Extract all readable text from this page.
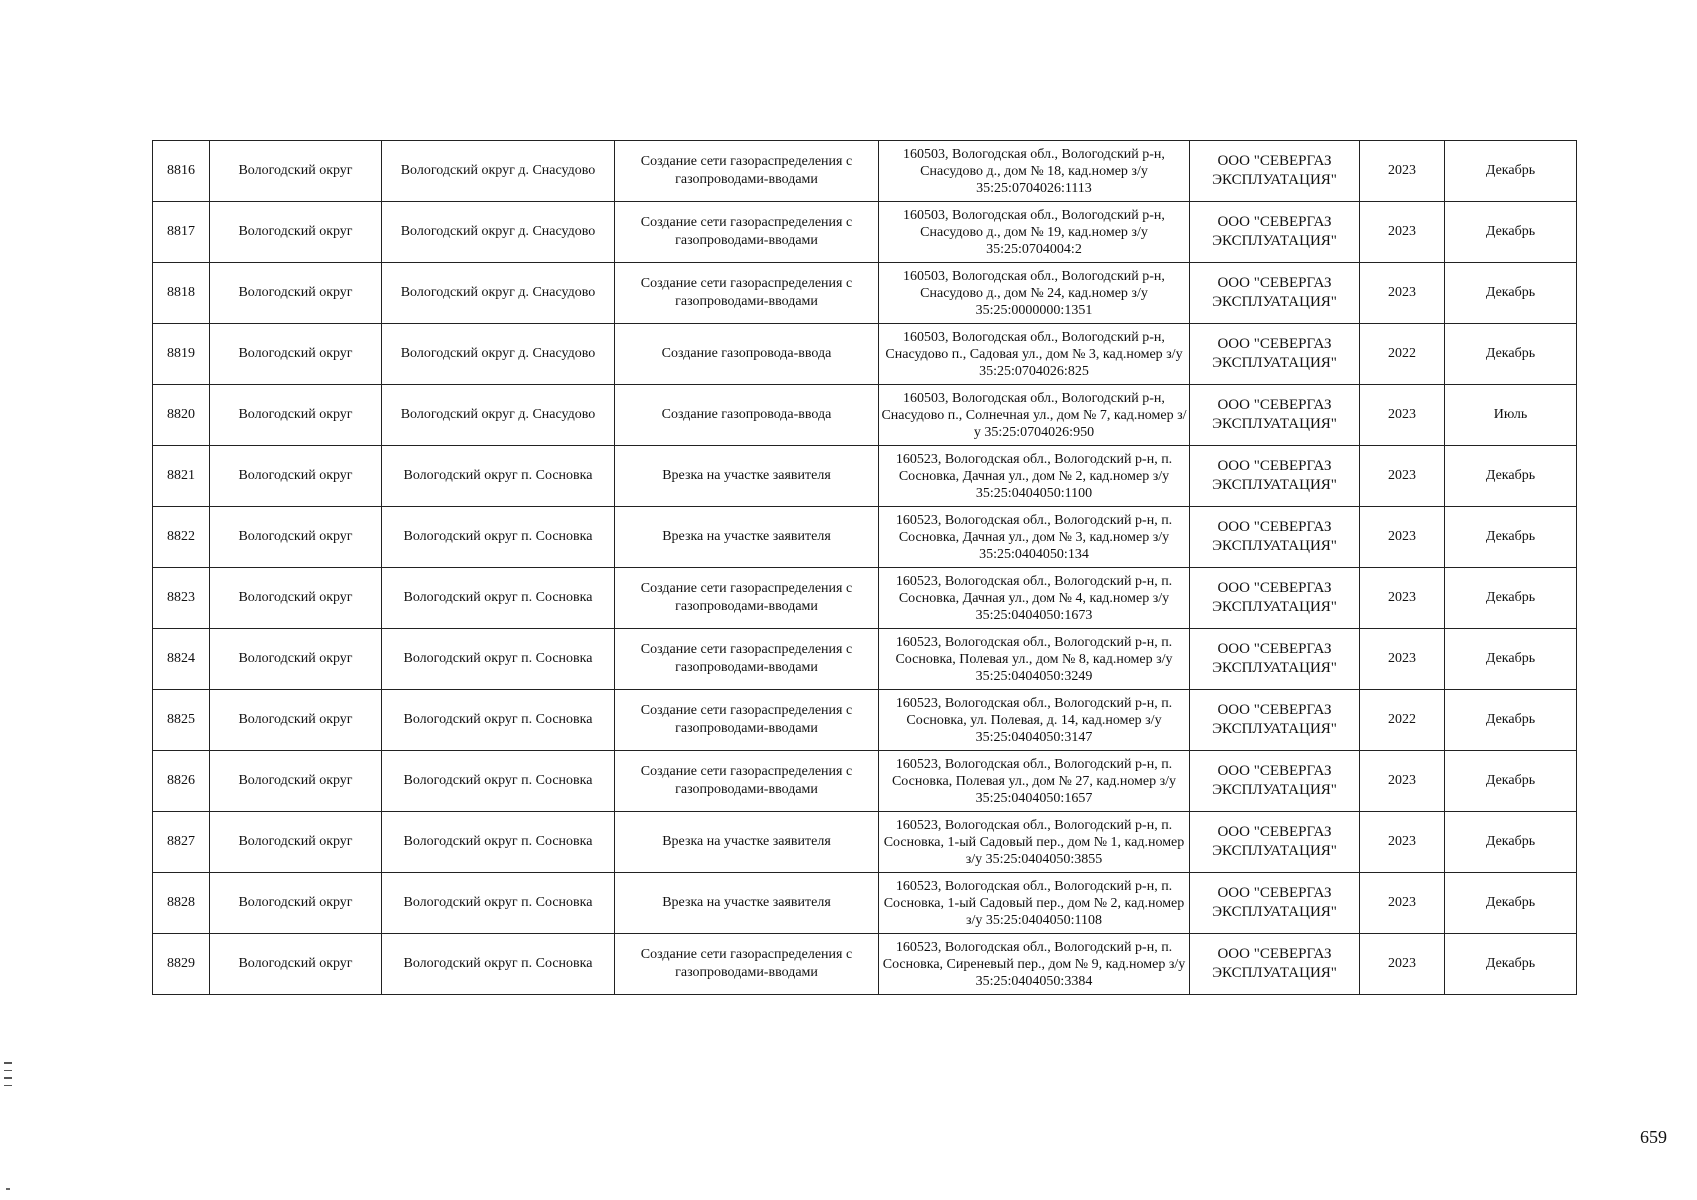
8816	Вологодский округ	Вологодский округ д. Снасудово	Создание сети газораспределения с газопроводами-вводами	160503, Вологодская обл., Вологодский р-н, Снасудово д., дом № 18, кад.номер з/у 35:25:0704026:1113	ООО "СЕВЕРГАЗ ЭКСПЛУАТАЦИЯ"	2023	Декабрь
8817	Вологодский округ	Вологодский округ д. Снасудово	Создание сети газораспределения с газопроводами-вводами	160503, Вологодская обл., Вологодский р-н, Снасудово д., дом № 19, кад.номер з/у 35:25:0704004:2	ООО "СЕВЕРГАЗ ЭКСПЛУАТАЦИЯ"	2023	Декабрь
8818	Вологодский округ	Вологодский округ д. Снасудово	Создание сети газораспределения с газопроводами-вводами	160503, Вологодская обл., Вологодский р-н, Снасудово д., дом № 24, кад.номер з/у 35:25:0000000:1351	ООО "СЕВЕРГАЗ ЭКСПЛУАТАЦИЯ"	2023	Декабрь
8819	Вологодский округ	Вологодский округ д. Снасудово	Создание газопровода-ввода	160503, Вологодская обл., Вологодский р-н, Снасудово п., Садовая ул., дом № 3, кад.номер з/у 35:25:0704026:825	ООО "СЕВЕРГАЗ ЭКСПЛУАТАЦИЯ"	2022	Декабрь
8820	Вологодский округ	Вологодский округ д. Снасудово	Создание газопровода-ввода	160503, Вологодская обл., Вологодский р-н, Снасудово п., Солнечная ул., дом № 7, кад.номер з/у 35:25:0704026:950	ООО "СЕВЕРГАЗ ЭКСПЛУАТАЦИЯ"	2023	Июль
8821	Вологодский округ	Вологодский округ п. Сосновка	Врезка на участке заявителя	160523, Вологодская обл., Вологодский р-н, п. Сосновка, Дачная ул., дом № 2, кад.номер з/у 35:25:0404050:1100	ООО "СЕВЕРГАЗ ЭКСПЛУАТАЦИЯ"	2023	Декабрь
8822	Вологодский округ	Вологодский округ п. Сосновка	Врезка на участке заявителя	160523, Вологодская обл., Вологодский р-н, п. Сосновка, Дачная ул., дом № 3, кад.номер з/у 35:25:0404050:134	ООО "СЕВЕРГАЗ ЭКСПЛУАТАЦИЯ"	2023	Декабрь
8823	Вологодский округ	Вологодский округ п. Сосновка	Создание сети газораспределения с газопроводами-вводами	160523, Вологодская обл., Вологодский р-н, п. Сосновка, Дачная ул., дом № 4, кад.номер з/у 35:25:0404050:1673	ООО "СЕВЕРГАЗ ЭКСПЛУАТАЦИЯ"	2023	Декабрь
8824	Вологодский округ	Вологодский округ п. Сосновка	Создание сети газораспределения с газопроводами-вводами	160523, Вологодская обл., Вологодский р-н, п. Сосновка, Полевая ул., дом № 8, кад.номер з/у 35:25:0404050:3249	ООО "СЕВЕРГАЗ ЭКСПЛУАТАЦИЯ"	2023	Декабрь
8825	Вологодский округ	Вологодский округ п. Сосновка	Создание сети газораспределения с газопроводами-вводами	160523, Вологодская обл., Вологодский р-н, п. Сосновка, ул. Полевая, д. 14, кад.номер з/у 35:25:0404050:3147	ООО "СЕВЕРГАЗ ЭКСПЛУАТАЦИЯ"	2022	Декабрь
8826	Вологодский округ	Вологодский округ п. Сосновка	Создание сети газораспределения с газопроводами-вводами	160523, Вологодская обл., Вологодский р-н, п. Сосновка, Полевая ул., дом № 27, кад.номер з/у 35:25:0404050:1657	ООО "СЕВЕРГАЗ ЭКСПЛУАТАЦИЯ"	2023	Декабрь
8827	Вологодский округ	Вологодский округ п. Сосновка	Врезка на участке заявителя	160523, Вологодская обл., Вологодский р-н, п. Сосновка, 1-ый Садовый пер., дом № 1, кад.номер з/у 35:25:0404050:3855	ООО "СЕВЕРГАЗ ЭКСПЛУАТАЦИЯ"	2023	Декабрь
8828	Вологодский округ	Вологодский округ п. Сосновка	Врезка на участке заявителя	160523, Вологодская обл., Вологодский р-н, п. Сосновка, 1-ый Садовый пер., дом № 2, кад.номер з/у 35:25:0404050:1108	ООО "СЕВЕРГАЗ ЭКСПЛУАТАЦИЯ"	2023	Декабрь
8829	Вологодский округ	Вологодский округ п. Сосновка	Создание сети газораспределения с газопроводами-вводами	160523, Вологодская обл., Вологодский р-н, п. Сосновка, Сиреневый пер., дом № 9, кад.номер з/у 35:25:0404050:3384	ООО "СЕВЕРГАЗ ЭКСПЛУАТАЦИЯ"	2023	Декабрь
659
